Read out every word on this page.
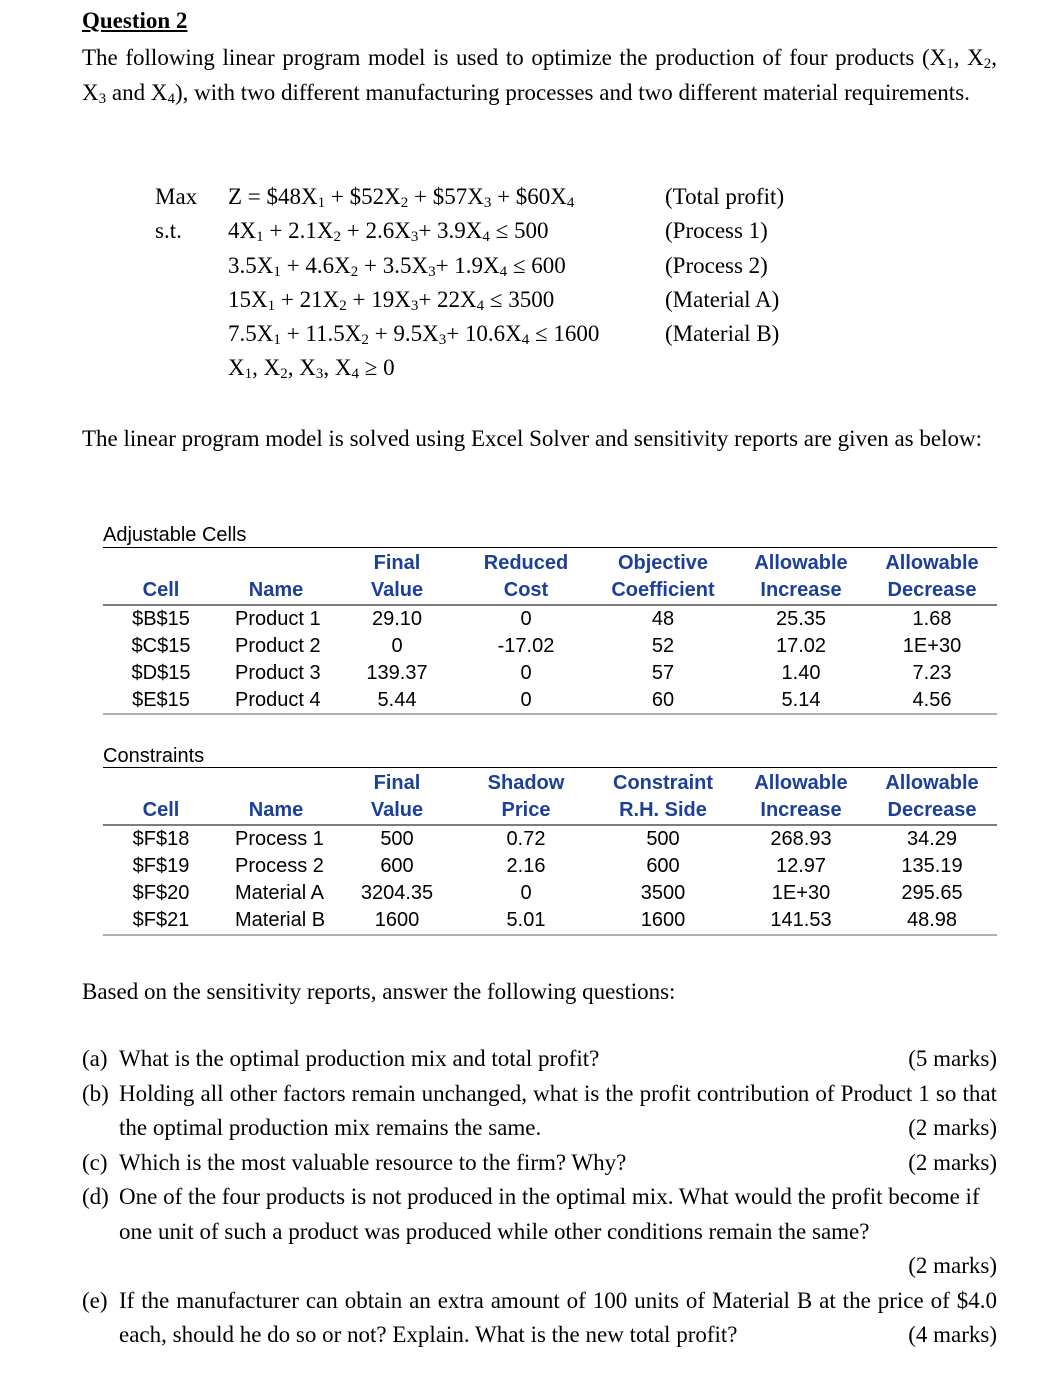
Question 2
The following linear program model is used to optimize the production of four products ($X_1$, $X_2$, $X_3$ and $X_4$), with two different manufacturing processes and two different material requirements.
Max $Z = \$48X_1$ + $\$52X_2$ + $\$57X_3$ + $\$60X_4$	(Total profit)
s.t. $4X_1 + 2.1X_2 + 2.6X_3+ 3.9X_4 \le 500$	(Process 1)
$3.5X_1 + 4.6X_2 + 3.5X_3+ 1.9X_4 \le 600$	(Process 2)
$15X_1 + 21X_2 + 19X_3+ 22X_4 \le 3500$	(Material A)
$7.5X_1 + 11.5X_2 + 9.5X_3+ 10.6X_4 \le 1600$	(Material B)
$X_1$, $X_2$, $X_3$, $X_4 \ge 0$
The linear program model is solved using Excel Solver and sensitivity reports are given as below:
Adjustable Cells
		Final	Reduced	Objective	Allowable	Allowable
Cell	Name	Value	Cost	Coefficient	Increase	Decrease
$B$15	Product 1	29.10	0	48	25.35	1.68
$C$15	Product 2	0	-17.02	52	17.02	1E+30
$D$15	Product 3	139.37	0	57	1.40	7.23
$E$15	Product 4	5.44	0	60	5.14	4.56
Constraints
		Final	Shadow	Constraint	Allowable	Allowable
Cell	Name	Value	Price	R.H. Side	Increase	Decrease
$F$18	Process 1	500	0.72	500	268.93	34.29
$F$19	Process 2	600	2.16	600	12.97	135.19
$F$20	Material A	3204.35	0	3500	1E+30	295.65
$F$21	Material B	1600	5.01	1600	141.53	48.98
Based on the sensitivity reports, answer the following questions:
(a)	(5 marks)
What is the optimal production mix and total profit?
(b) Holding all other factors remain unchanged, what is the profit contribution of Product 1 so that the optimal production mix remains the same.	(2 marks)
(c)	(2 marks)
Which is the most valuable resource to the firm? Why?
(d) One of the four products is not produced in the optimal mix. What would the profit become if one unit of such a product was produced while other conditions remain the same?
(2 marks)
(e) If the manufacturer can obtain an extra amount of 100 units of Material B at the price of $4.0 each, should he do so or not? Explain. What is the new total profit?	(4 marks)
